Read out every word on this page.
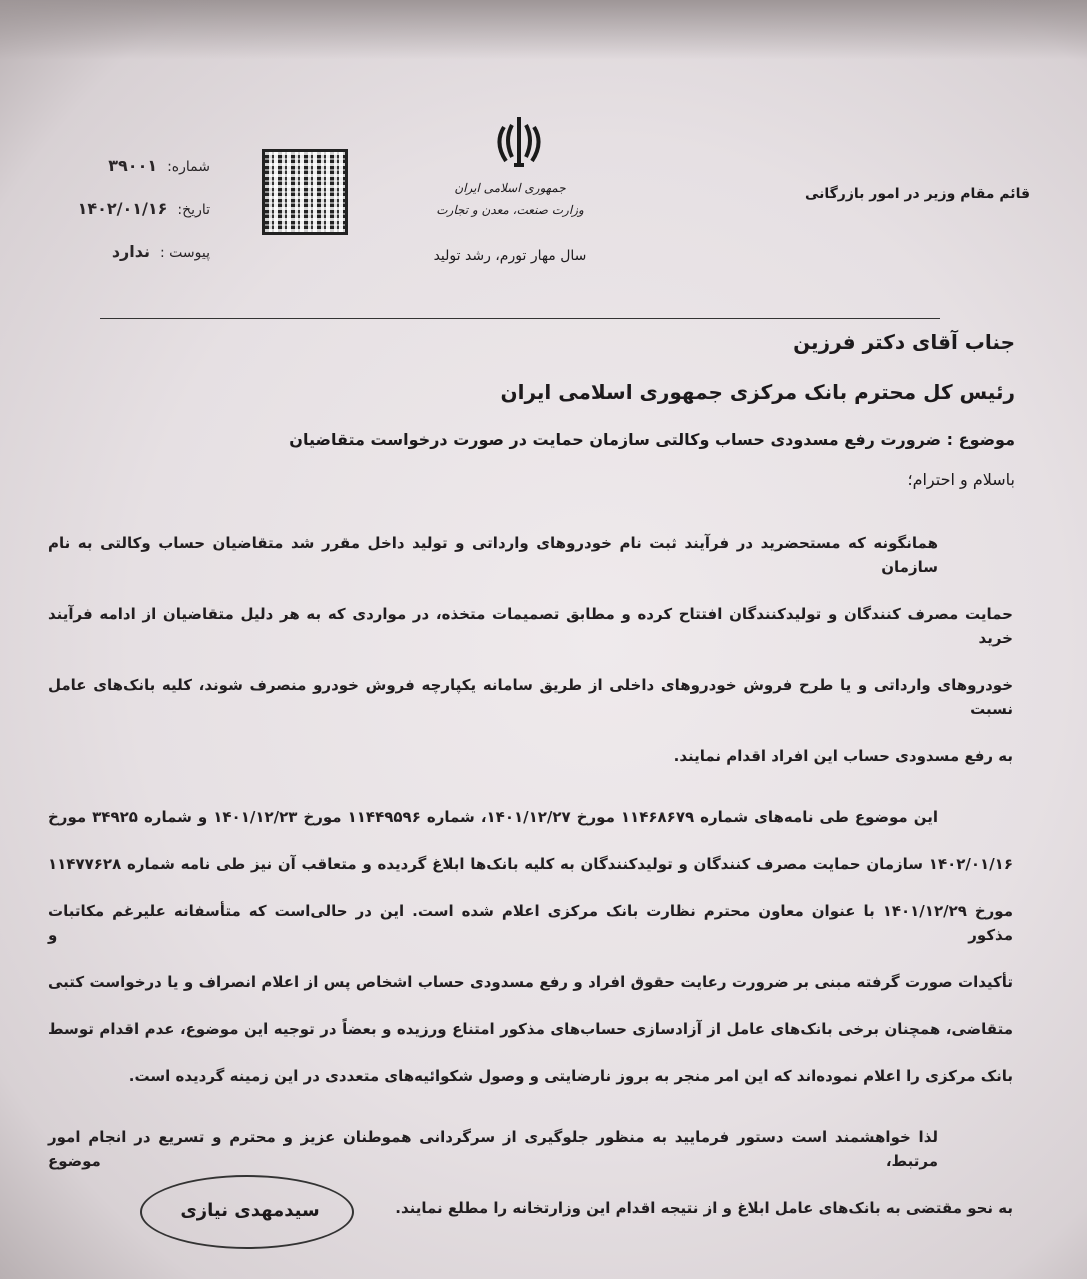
شماره:۳۹۰۰۱
تاریخ:۱۴۰۲/۰۱/۱۶
پیوست :ندارد
جمهوری اسلامی ایران
وزارت صنعت، معدن و تجارت
سال مهار تورم، رشد تولید
قائم مقام وزیر در امور بازرگانی
جناب آقای دکتر فرزین
رئیس کل محترم بانک مرکزی جمهوری اسلامی ایران
موضوع : ضرورت رفع مسدودی حساب وکالتی سازمان حمایت در صورت درخواست متقاضیان
باسلام و احترام؛
همانگونه که مستحضرید در فرآیند ثبت نام خودروهای وارداتی و تولید داخل مقرر شد متقاضیان حساب وکالتی به نام سازمان
حمایت مصرف کنندگان و تولیدکنندگان افتتاح کرده و مطابق تصمیمات متخذه، در مواردی که به هر دلیل متقاضیان از ادامه فرآیند خرید
خودروهای وارداتی و یا طرح فروش خودروهای داخلی از طریق سامانه یکپارچه فروش خودرو منصرف شوند، کلیه بانک‌های عامل نسبت
به رفع مسدودی حساب این افراد اقدام نمایند.
این موضوع طی نامه‌های شماره ۱۱۴۶۸۶۷۹ مورخ ۱۴۰۱/۱۲/۲۷، شماره ۱۱۴۴۹۵۹۶ مورخ ۱۴۰۱/۱۲/۲۳ و شماره ۳۴۹۲۵ مورخ
۱۴۰۲/۰۱/۱۶ سازمان حمایت مصرف کنندگان و تولیدکنندگان به کلیه بانک‌ها ابلاغ گردیده و متعاقب آن نیز طی نامه شماره ۱۱۴۷۷۶۲۸
مورخ ۱۴۰۱/۱۲/۲۹ با عنوان معاون محترم نظارت بانک مرکزی اعلام شده است. این در حالی‌است که متأسفانه علیرغم مکاتبات مذکور و
تأکیدات صورت گرفته مبنی بر ضرورت رعایت حقوق افراد و رفع مسدودی حساب اشخاص پس از اعلام انصراف و یا درخواست کتبی
متقاضی، همچنان برخی بانک‌های عامل از آزادسازی حساب‌های مذکور امتناع ورزیده و بعضاً در توجیه این موضوع، عدم اقدام توسط
بانک مرکزی را اعلام نموده‌اند که این امر منجر به بروز نارضایتی و وصول شکوائیه‌های متعددی در این زمینه گردیده است.
لذا خواهشمند است دستور فرمایید به منظور جلوگیری از سرگردانی هموطنان عزیز و محترم و تسریع در انجام امور مرتبط، موضوع
به نحو مقتضی به بانک‌های عامل ابلاغ و از نتیجه اقدام این وزارتخانه را مطلع نمایند.
سیدمهدی نیازی
